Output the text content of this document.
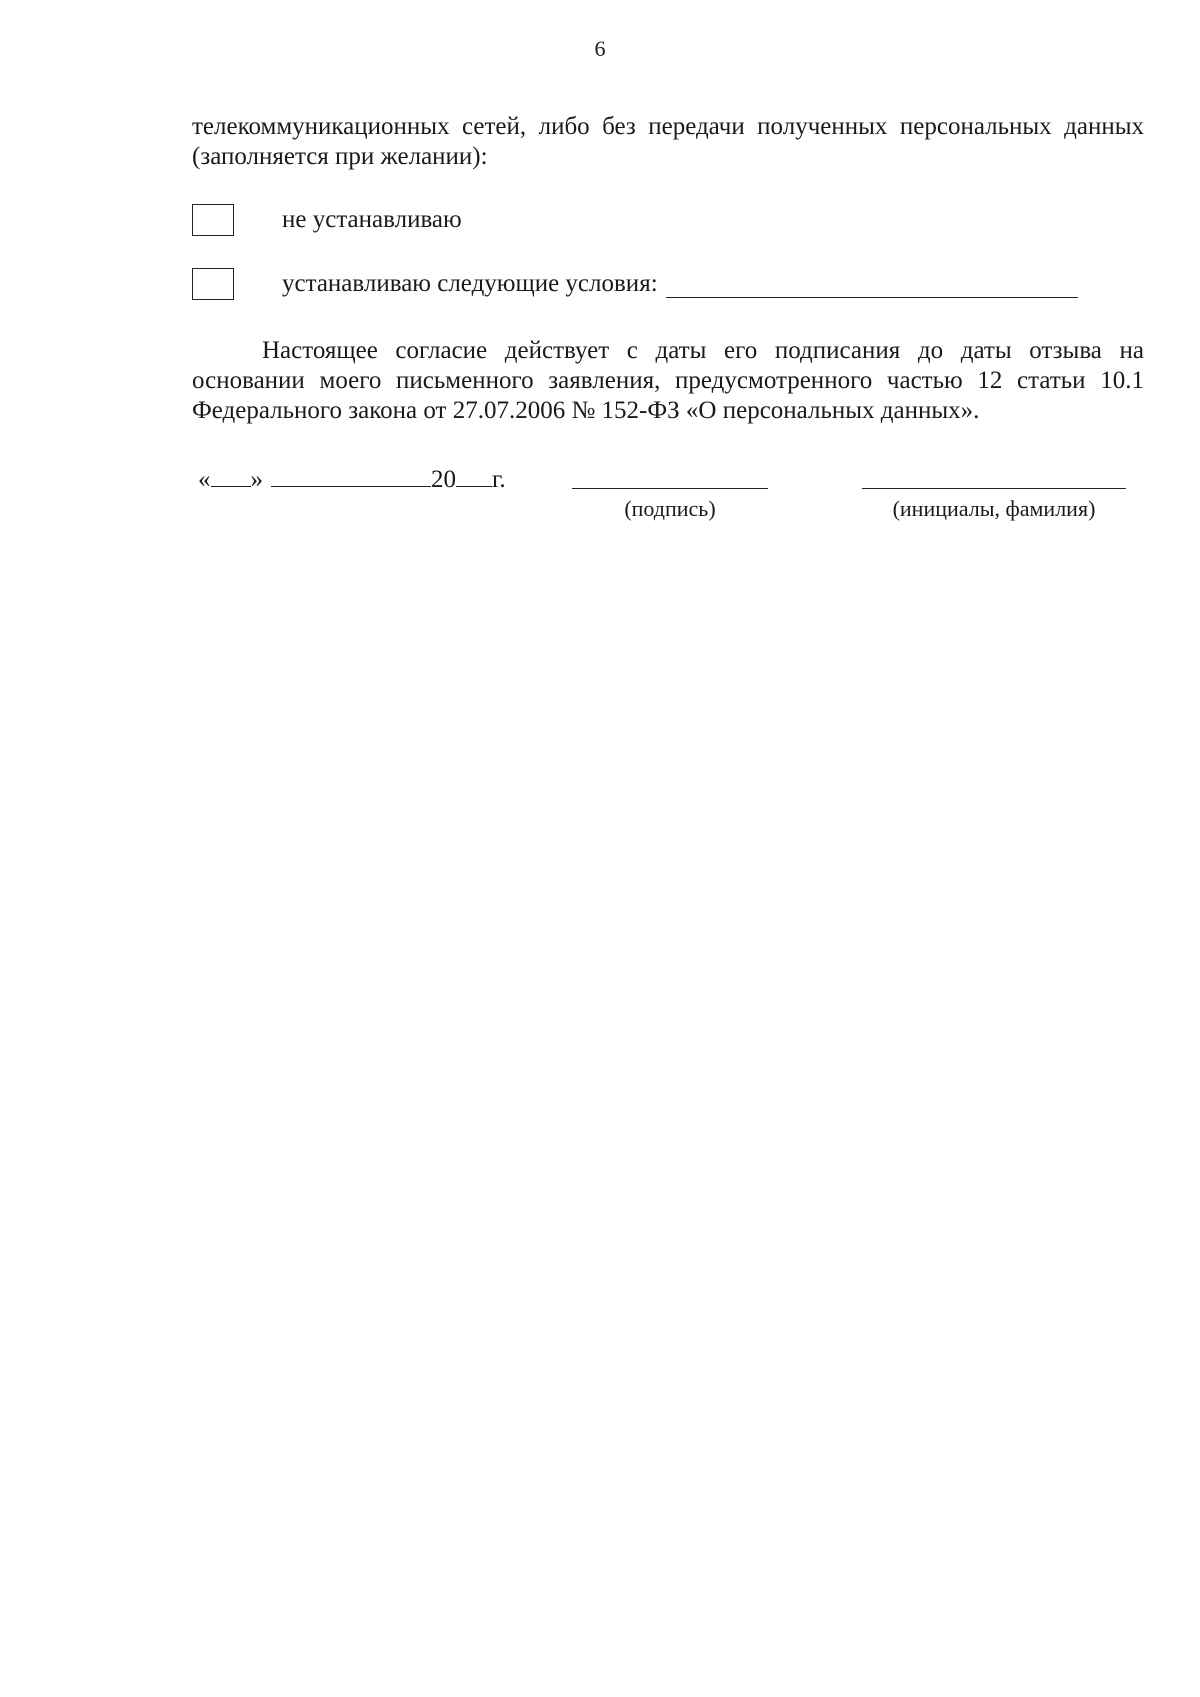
6

телекоммуникационных сетей, либо без передачи полученных персональных данных (заполняется при желании):

не устанавливаю
устанавливаю следующие условия:

Настоящее согласие действует с даты его подписания до даты отзыва на основании моего письменного заявления, предусмотренного частью 12 статьи 10.1 Федерального закона от 27.07.2006 № 152-ФЗ «О персональных данных».

« »	20 г.
(подпись)	(инициалы, фамилия)
